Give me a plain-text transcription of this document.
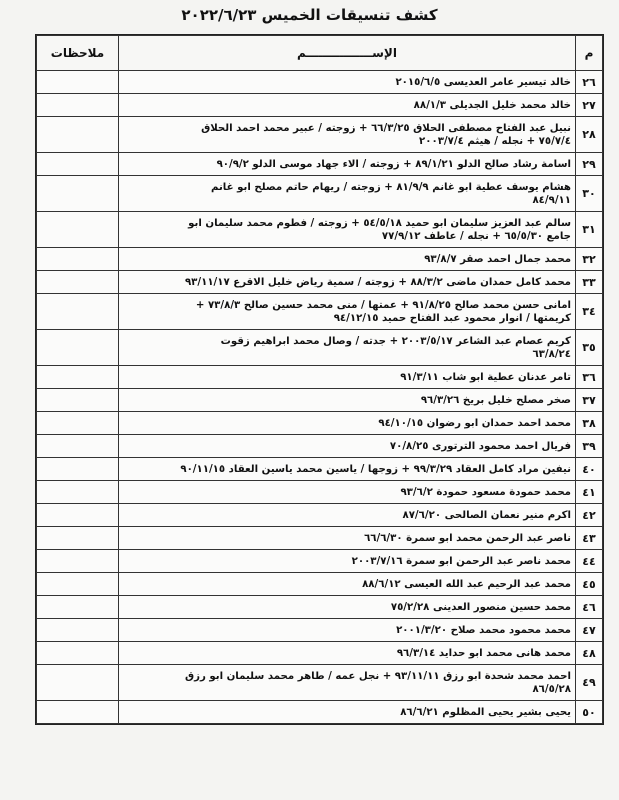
كشف تنسيقات الخميس ٢٠٢٢/٦/٢٣
م	الإســــــــــــــــم	ملاحظات
٢٦	خالد تيسير عامر العديسى ٢٠١٥/٦/٥	

٢٧	خالد محمد خليل الجديلى ٨٨/١/٣	

٢٨	نبيل عبد الفتاح مصطفى الحلاق ٦٦/٣/٢٥ + زوجته / عبير محمد احمد الحلاق
٧٥/٧/٤ + نجله / هيثم ٢٠٠٣/٧/٤	

٢٩	اسامة رشاد صالح الدلو ٨٩/١/٢١ + زوجته / الاء جهاد موسى الدلو ٩٠/٩/٢	

٣٠	هشام يوسف عطية ابو غانم ٨١/٩/٩ + زوجته / ريهام حاتم مصلح ابو غانم
٨٤/٩/١١	

٣١	سالم عبد العزيز سليمان ابو حميد ٥٤/٥/١٨ + زوجته / فطوم محمد سليمان ابو
جامع ٦٥/٥/٣٠ + نجله / عاطف ٧٧/٩/١٢	

٣٢	محمد جمال احمد صقر ٩٣/٨/٧	

٣٣	محمد كامل حمدان ماضى ٨٨/٣/٢ + زوجته / سمية رياض خليل الاقرع ٩٣/١١/١٧	

٣٤	امانى حسن محمد صالح ٩١/٨/٢٥ + عمتها / منى محمد حسين صالح ٧٣/٨/٣ +
كريمتها / انوار محمود عبد الفتاح حميد ٩٤/١٢/١٥	

٣٥	كريم عصام عبد الشاعر ٢٠٠٣/٥/١٧ + جدته / وصال محمد ابراهيم زقوت
٦٣/٨/٢٤	

٣٦	تامر عدنان عطية ابو شاب ٩١/٣/١١	

٣٧	صخر مصلح خليل بريخ ٩٦/٣/٢٦	

٣٨	محمد احمد حمدان ابو رضوان ٩٤/١٠/١٥	

٣٩	فريال احمد محمود الترتورى ٧٠/٨/٢٥	

٤٠	نيفين مراد كامل العقاد ٩٩/٣/٢٩ + زوجها / ياسين محمد ياسين العقاد ٩٠/١١/١٥	

٤١	محمد حمودة مسعود حمودة ٩٣/٦/٢	

٤٢	اكرم منير نعمان الصالحى ٨٧/٦/٢٠	

٤٣	ناصر عبد الرحمن محمد ابو سمرة ٦٦/٦/٣٠	

٤٤	محمد ناصر عبد الرحمن ابو سمرة ٢٠٠٣/٧/١٦	

٤٥	محمد عبد الرحيم عبد الله العيسى ٨٨/٦/١٢	

٤٦	محمد حسين منصور العدينى ٧٥/٢/٢٨	

٤٧	محمد محمود محمد صلاح ٢٠٠١/٣/٢٠	

٤٨	محمد هانى محمد ابو حدايد ٩٦/٣/١٤	

٤٩	احمد محمد شحدة ابو رزق ٩٣/١١/١١ + نجل عمه / طاهر محمد سليمان ابو رزق
٨٦/٥/٢٨	

٥٠	يحيى بشير يحيى المظلوم ٨٦/٦/٢١	
